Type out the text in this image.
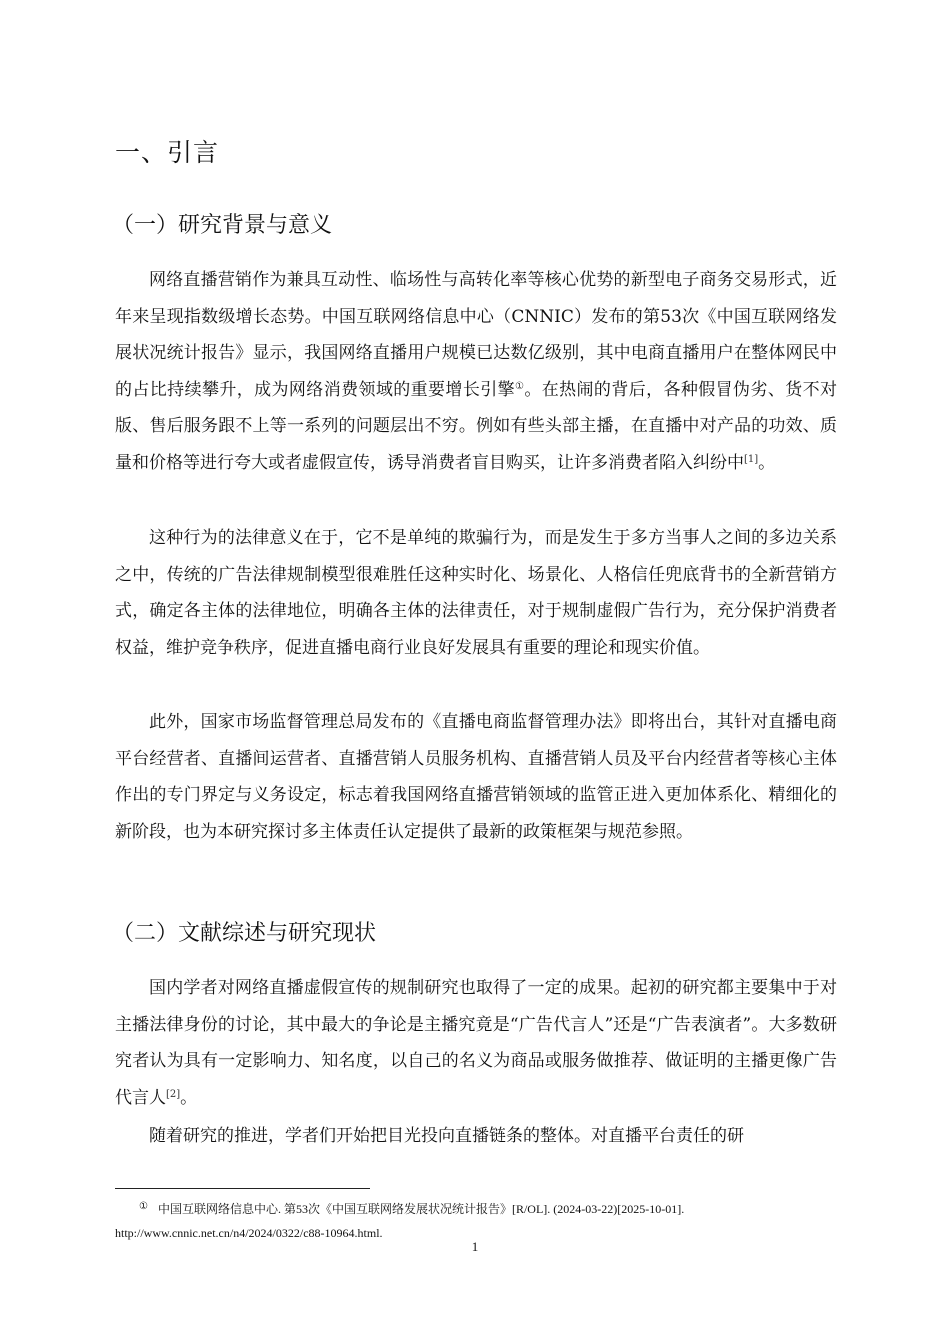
一、引言
（一）研究背景与意义

网络直播营销作为兼具互动性、临场性与高转化率等核心优势的新型电子商务交易形式，近年来呈现指数级增长态势。中国互联网络信息中心（CNNIC）发布的第53次《中国互联网络发展状况统计报告》显示，我国网络直播用户规模已达数亿级别，其中电商直播用户在整体网民中的占比持续攀升，成为网络消费领域的重要增长引擎①。在热闹的背后，各种假冒伪劣、货不对版、售后服务跟不上等一系列的问题层出不穷。例如有些头部主播，在直播中对产品的功效、质量和价格等进行夸大或者虚假宣传，诱导消费者盲目购买，让许多消费者陷入纠纷中[1]。

这种行为的法律意义在于，它不是单纯的欺骗行为，而是发生于多方当事人之间的多边关系之中，传统的广告法律规制模型很难胜任这种实时化、场景化、人格信任兜底背书的全新营销方式，确定各主体的法律地位，明确各主体的法律责任，对于规制虚假广告行为，充分保护消费者权益，维护竞争秩序，促进直播电商行业良好发展具有重要的理论和现实价值。

此外，国家市场监督管理总局发布的《直播电商监督管理办法》即将出台，其针对直播电商平台经营者、直播间运营者、直播营销人员服务机构、直播营销人员及平台内经营者等核心主体作出的专门界定与义务设定，标志着我国网络直播营销领域的监管正进入更加体系化、精细化的新阶段，也为本研究探讨多主体责任认定提供了最新的政策框架与规范参照。

（二）文献综述与研究现状

国内学者对网络直播虚假宣传的规制研究也取得了一定的成果。起初的研究都主要集中于对主播法律身份的讨论，其中最大的争论是主播究竟是“广告代言人”还是“广告表演者”。大多数研究者认为具有一定影响力、知名度，以自己的名义为商品或服务做推荐、做证明的主播更像广告代言人[2]。

随着研究的推进，学者们开始把目光投向直播链条的整体。对直播平台责任的研

① 中国互联网络信息中心. 第53次《中国互联网络发展状况统计报告》[R/OL]. (2024-03-22)[2025-10-01]. http://www.cnnic.net.cn/n4/2024/0322/c88-10964.html.

1
